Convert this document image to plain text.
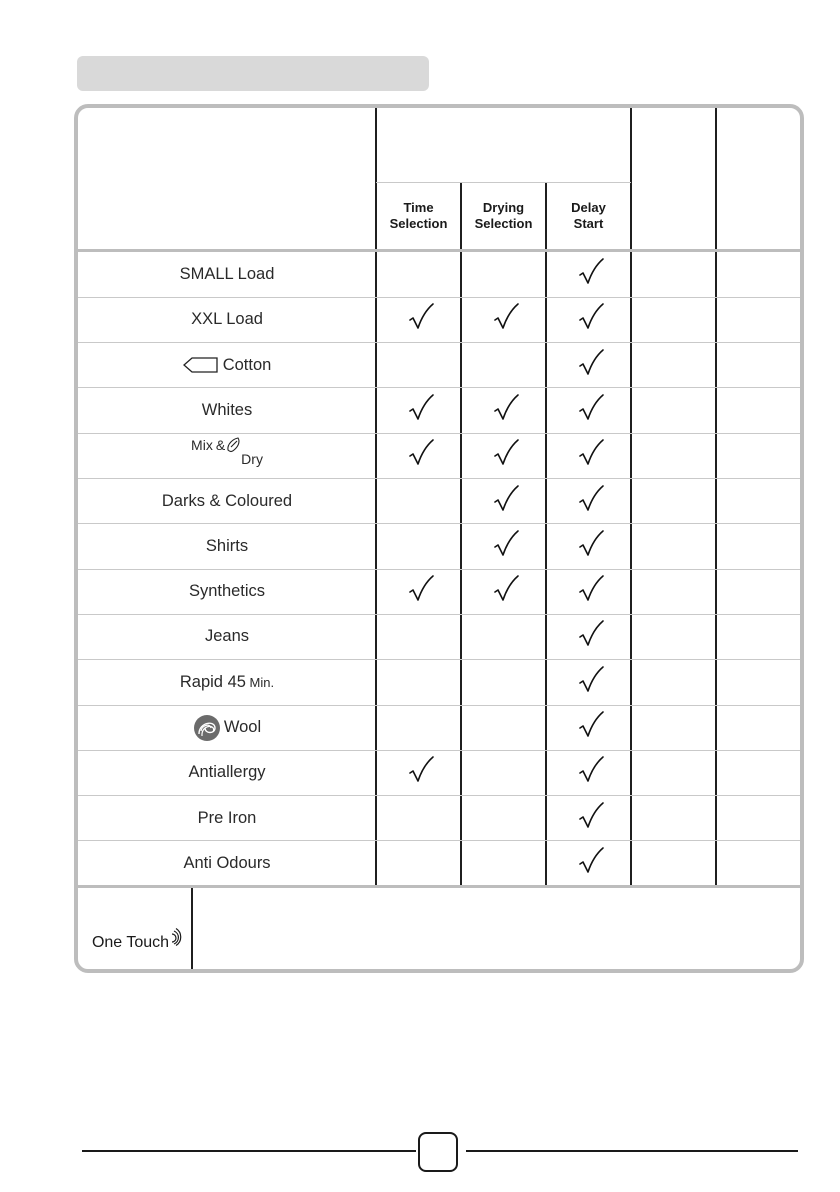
Time
Selection
Drying
Selection
Delay
Start
SMALL Load
XXL Load
Cotton
Whites
Mix &
Dry
Darks & Coloured
Shirts
Synthetics
Jeans
Rapid 45 Min.
Wool
Antiallergy
Pre Iron
Anti Odours
One Touch
